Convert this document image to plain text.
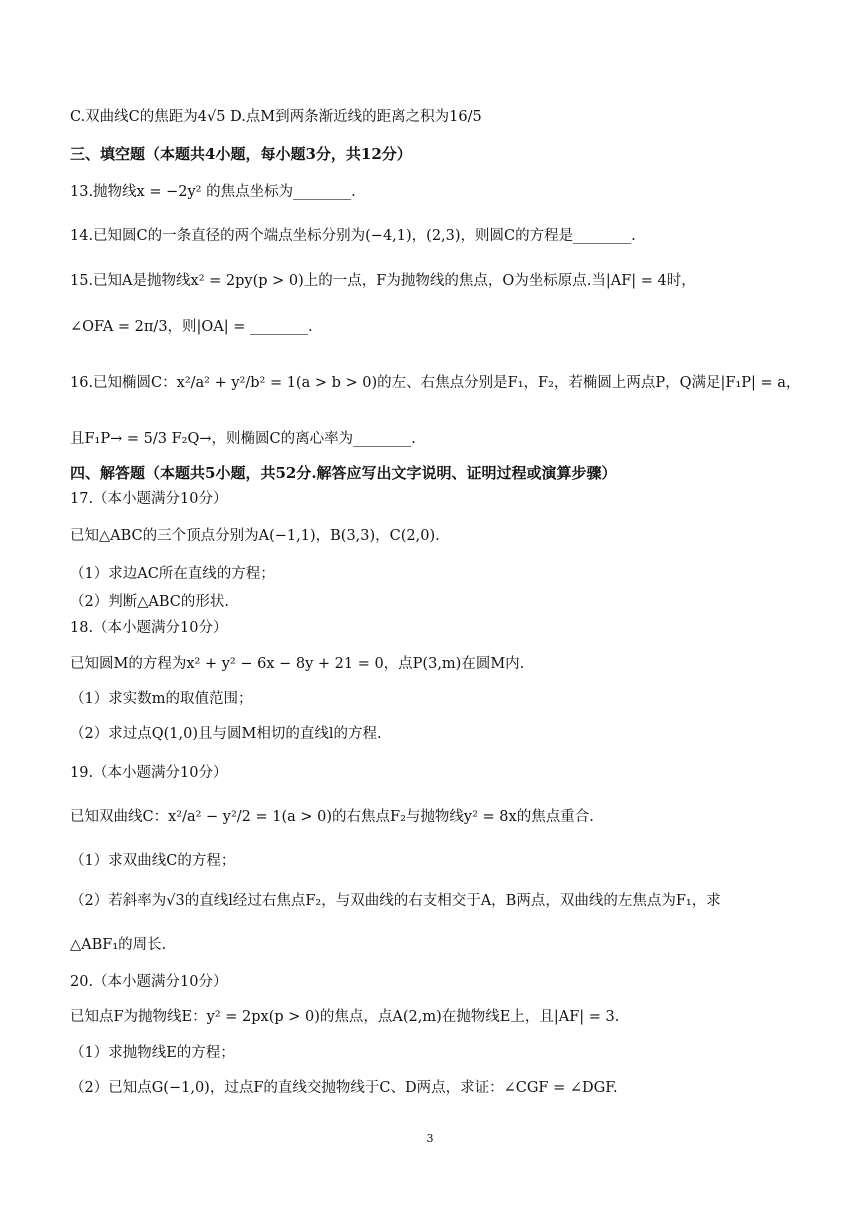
C.双曲线C的焦距为4√5 D.点M到两条渐近线的距离之积为16/5
三、填空题（本题共4小题，每小题3分，共12分）
13.抛物线x = −2y² 的焦点坐标为________.
14.已知圆C的一条直径的两个端点坐标分别为(−4,1)，(2,3)，则圆C的方程是________.
15.已知A是抛物线x² = 2py(p > 0)上的一点，F为抛物线的焦点，O为坐标原点.当|AF| = 4时，
∠OFA = 2π/3，则|OA| = ________.
16.已知椭圆C：x²/a² + y²/b² = 1(a > b > 0)的左、右焦点分别是F₁，F₂，若椭圆上两点P，Q满足|F₁P| = a，
且F₁P→ = 5/3 F₂Q→，则椭圆C的离心率为________.
四、解答题（本题共5小题，共52分.解答应写出文字说明、证明过程或演算步骤）
17.（本小题满分10分）
已知△ABC的三个顶点分别为A(−1,1)，B(3,3)，C(2,0).
（1）求边AC所在直线的方程；
（2）判断△ABC的形状.
18.（本小题满分10分）
已知圆M的方程为x² + y² − 6x − 8y + 21 = 0，点P(3,m)在圆M内.
（1）求实数m的取值范围；
（2）求过点Q(1,0)且与圆M相切的直线l的方程.
19.（本小题满分10分）
已知双曲线C：x²/a² − y²/2 = 1(a > 0)的右焦点F₂与抛物线y² = 8x的焦点重合.
（1）求双曲线C的方程；
（2）若斜率为√3的直线l经过右焦点F₂，与双曲线的右支相交于A，B两点，双曲线的左焦点为F₁，求
△ABF₁的周长.
20.（本小题满分10分）
已知点F为抛物线E：y² = 2px(p > 0)的焦点，点A(2,m)在抛物线E上，且|AF| = 3.
（1）求抛物线E的方程；
（2）已知点G(−1,0)，过点F的直线交抛物线于C、D两点，求证：∠CGF = ∠DGF.
3
